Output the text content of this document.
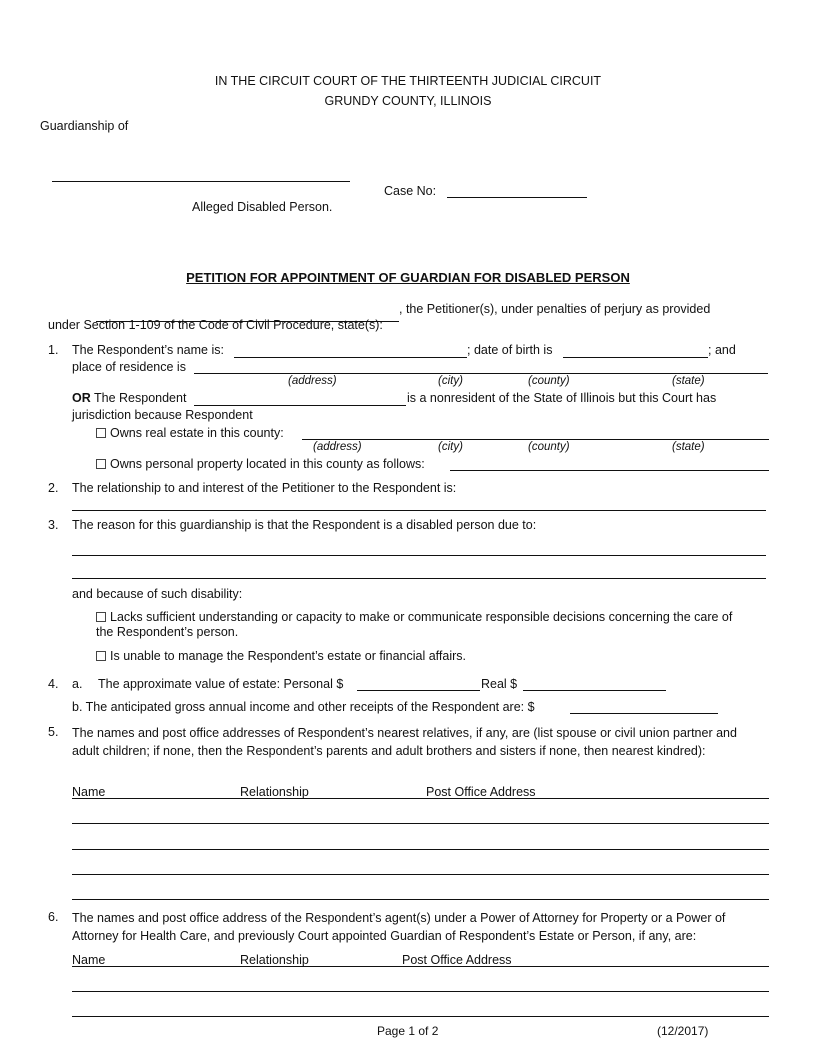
IN THE CIRCUIT COURT OF THE THIRTEENTH JUDICIAL CIRCUIT
GRUNDY COUNTY, ILLINOIS
Guardianship of
Alleged Disabled Person.
Case No:
PETITION FOR APPOINTMENT OF GUARDIAN FOR DISABLED PERSON
, the Petitioner(s), under penalties of perjury as provided
under Section 1-109 of the Code of Civil Procedure, state(s):
1. The Respondent’s name is:	; date of birth is	; and
place of residence is
(address)	(city)	(county)	(state)
OR The Respondent	is a nonresident of the State of Illinois but this Court has
jurisdiction because Respondent
Owns real estate in this county:
(address)	(city)	(county)	(state)
Owns personal property located in this county as follows:
2. The relationship to and interest of the Petitioner to the Respondent is:
3. The reason for this guardianship is that the Respondent is a disabled person due to:
and because of such disability:
Lacks sufficient understanding or capacity to make or communicate responsible decisions concerning the care of the Respondent’s person.
Is unable to manage the Respondent’s estate or financial affairs.
4. a. The approximate value of estate: Personal $	Real $
b. The anticipated gross annual income and other receipts of the Respondent are: $
5. The names and post office addresses of Respondent’s nearest relatives, if any, are (list spouse or civil union partner and adult children; if none, then the Respondent’s parents and adult brothers and sisters if none, then nearest kindred):
Name	Relationship	Post Office Address
6. The names and post office address of the Respondent’s agent(s) under a Power of Attorney for Property or a Power of Attorney for Health Care, and previously Court appointed Guardian of Respondent’s Estate or Person, if any, are:
Name	Relationship	Post Office Address
Page 1 of 2	(12/2017)
